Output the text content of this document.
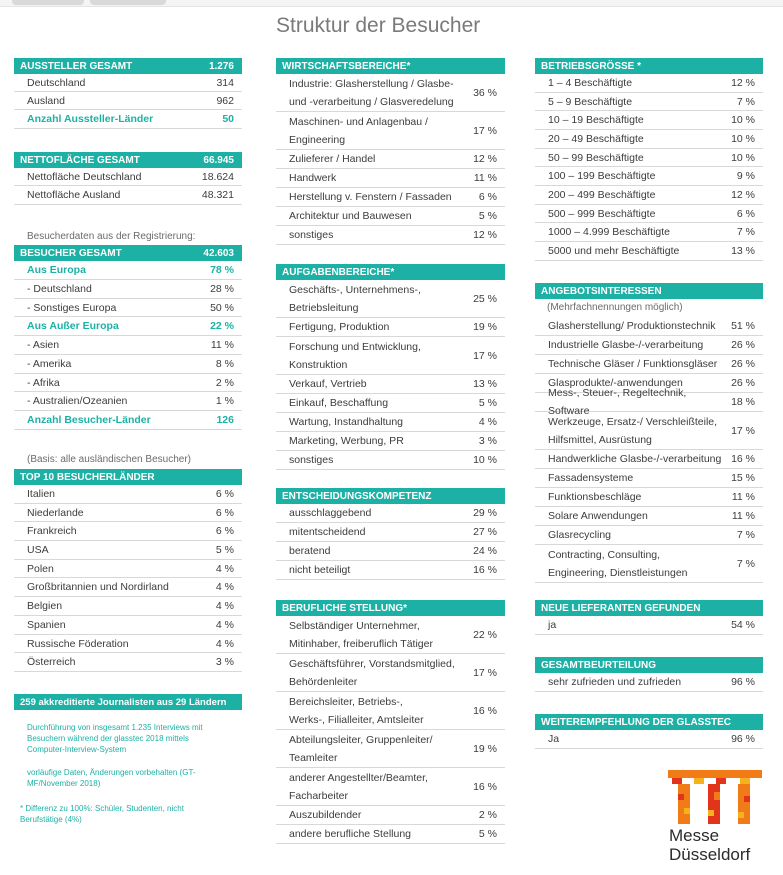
Struktur der Besucher
AUSSTELLER GESAMT	1.276
Deutschland	314
Ausland	962
Anzahl Aussteller-Länder	50
NETTOFLÄCHE GESAMT	66.945
Nettofläche Deutschland	18.624
Nettofläche Ausland	48.321
Besucherdaten aus der Registrierung:
BESUCHER GESAMT	42.603
Aus Europa	78 %
- Deutschland	28 %
- Sonstiges Europa	50 %
Aus Außer Europa	22 %
- Asien	11 %
- Amerika	8 %
- Afrika	2 %
- Australien/Ozeanien	1 %
Anzahl Besucher-Länder	126
(Basis: alle ausländischen Besucher)
TOP 10 BESUCHERLÄNDER
Italien	6 %
Niederlande	6 %
Frankreich	6 %
USA	5 %
Polen	4 %
Großbritannien und Nordirland	4 %
Belgien	4 %
Spanien	4 %
Russische Föderation	4 %
Österreich	3 %
259 akkreditierte Journalisten aus 29 Ländern
Durchführung von insgesamt 1.235 Interviews mit Besuchern während der glasstec 2018 mittels Computer-Interview-System
vorläufige Daten, Änderungen vorbehalten (GT-MF/November 2018)
* Differenz zu 100%: Schüler, Studenten, nicht Berufstätige (4%)
WIRTSCHAFTSBEREICHE*
Industrie: Glasherstellung / Glasbe-
und -verarbeitung / Glasveredelung
36 %
Maschinen- und Anlagenbau /
Engineering
17 %
Zulieferer / Handel	12 %
Handwerk	11 %
Herstellung v. Fenstern / Fassaden	6 %
Architektur und Bauwesen	5 %
sonstiges	12 %
AUFGABENBEREICHE*
Geschäfts-, Unternehmens-,
Betriebsleitung
25 %
Fertigung, Produktion	19 %
Forschung und Entwicklung,
Konstruktion
17 %
Verkauf, Vertrieb	13 %
Einkauf, Beschaffung	5 %
Wartung, Instandhaltung	4 %
Marketing, Werbung, PR	3 %
sonstiges	10 %
ENTSCHEIDUNGSKOMPETENZ
ausschlaggebend	29 %
mitentscheidend	27 %
beratend	24 %
nicht beteiligt	16 %
BERUFLICHE STELLUNG*
Selbständiger Unternehmer,
Mitinhaber, freiberuflich Tätiger
22 %
Geschäftsführer, Vorstandsmitglied,
Behördenleiter
17 %
Bereichsleiter, Betriebs-,
Werks-, Filialleiter, Amtsleiter
16 %
Abteilungsleiter, Gruppenleiter/
Teamleiter
19 %
anderer Angestellter/Beamter,
Facharbeiter
16 %
Auszubildender	2 %
andere berufliche Stellung	5 %
BETRIEBSGRÖSSE *
1 – 4 Beschäftigte	12 %
5 – 9 Beschäftigte	7 %
10 – 19 Beschäftigte	10 %
20 – 49 Beschäftigte	10 %
50 – 99 Beschäftigte	10 %
100 – 199 Beschäftigte	9 %
200 – 499 Beschäftigte	12 %
500 – 999 Beschäftigte	6 %
1000 – 4.999 Beschäftigte	7 %
5000 und mehr Beschäftigte	13 %
ANGEBOTSINTERESSEN
(Mehrfachnennungen möglich)
Glasherstellung/ Produktionstechnik	51 %
Industrielle Glasbe-/-verarbeitung	26 %
Technische Gläser / Funktionsgläser	26 %
Glasprodukte/-anwendungen	26 %
Mess-, Steuer-, Regeltechnik, Software
18 %
Werkzeuge, Ersatz-/ Verschleißteile,
Hilfsmittel, Ausrüstung
17 %
Handwerkliche Glasbe-/-verarbeitung 16 %
Fassadensysteme	15 %
Funktionsbeschläge	11 %
Solare Anwendungen	11 %
Glasrecycling	7 %
Contracting, Consulting,
Engineering, Dienstleistungen
7 %
NEUE LIEFERANTEN GEFUNDEN
ja	54 %
GESAMTBEURTEILUNG
sehr zufrieden und zufrieden	96 %
WEITEREMPFEHLUNG DER GLASSTEC
Ja	96 %
Messe
Düsseldorf
